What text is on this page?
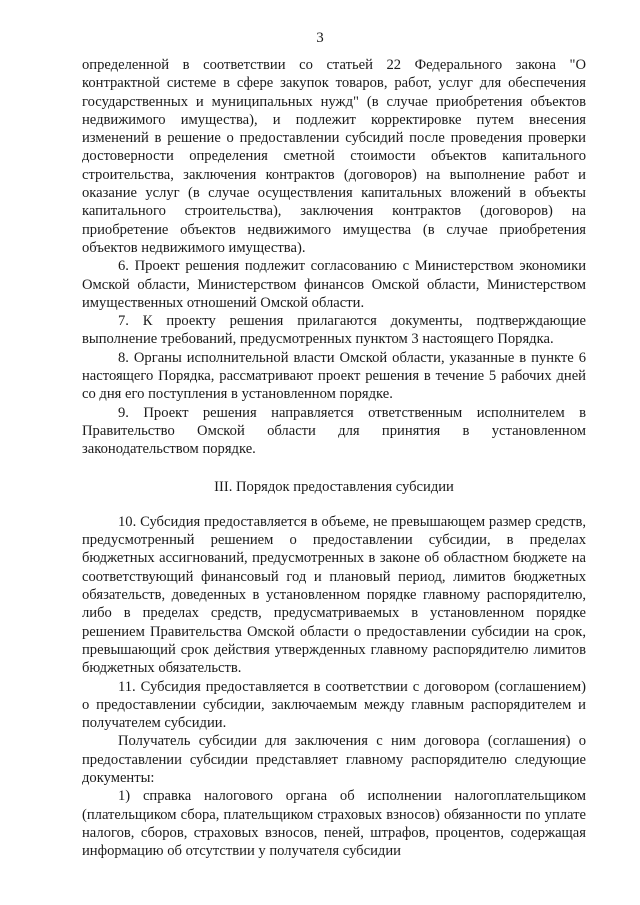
3

определенной в соответствии со статьей 22 Федерального закона "О контрактной системе в сфере закупок товаров, работ, услуг для обеспечения государственных и муниципальных нужд" (в случае приобретения объектов недвижимого имущества), и подлежит корректировке путем внесения изменений в решение о предоставлении субсидий после проведения проверки достоверности определения сметной стоимости объектов капитального строительства, заключения контрактов (договоров) на выполнение работ и оказание услуг (в случае осуществления капитальных вложений в объекты капитального строительства), заключения контрактов (договоров) на приобретение объектов недвижимого имущества (в случае приобретения объектов недвижимого имущества).

6. Проект решения подлежит согласованию с Министерством экономики Омской области, Министерством финансов Омской области, Министерством имущественных отношений Омской области.

7. К проекту решения прилагаются документы, подтверждающие выполнение требований, предусмотренных пунктом 3 настоящего Порядка.

8. Органы исполнительной власти Омской области, указанные в пункте 6 настоящего Порядка, рассматривают проект решения в течение 5 рабочих дней со дня его поступления в установленном порядке.

9. Проект решения направляется ответственным исполнителем в Правительство Омской области для принятия в установленном законодательством порядке.

III. Порядок предоставления субсидии

10. Субсидия предоставляется в объеме, не превышающем размер средств, предусмотренный решением о предоставлении субсидии, в пределах бюджетных ассигнований, предусмотренных в законе об областном бюджете на соответствующий финансовый год и плановый период, лимитов бюджетных обязательств, доведенных в установленном порядке главному распорядителю, либо в пределах средств, предусматриваемых в установленном порядке решением Правительства Омской области о предоставлении субсидии на срок, превышающий срок действия утвержденных главному распорядителю лимитов бюджетных обязательств.

11. Субсидия предоставляется в соответствии с договором (соглашением) о предоставлении субсидии, заключаемым между главным распорядителем и получателем субсидии.

Получатель субсидии для заключения с ним договора (соглашения) о предоставлении субсидии представляет главному распорядителю следующие документы:

1) справка налогового органа об исполнении налогоплательщиком (плательщиком сбора, плательщиком страховых взносов) обязанности по уплате налогов, сборов, страховых взносов, пеней, штрафов, процентов, содержащая информацию об отсутствии у получателя субсидии
